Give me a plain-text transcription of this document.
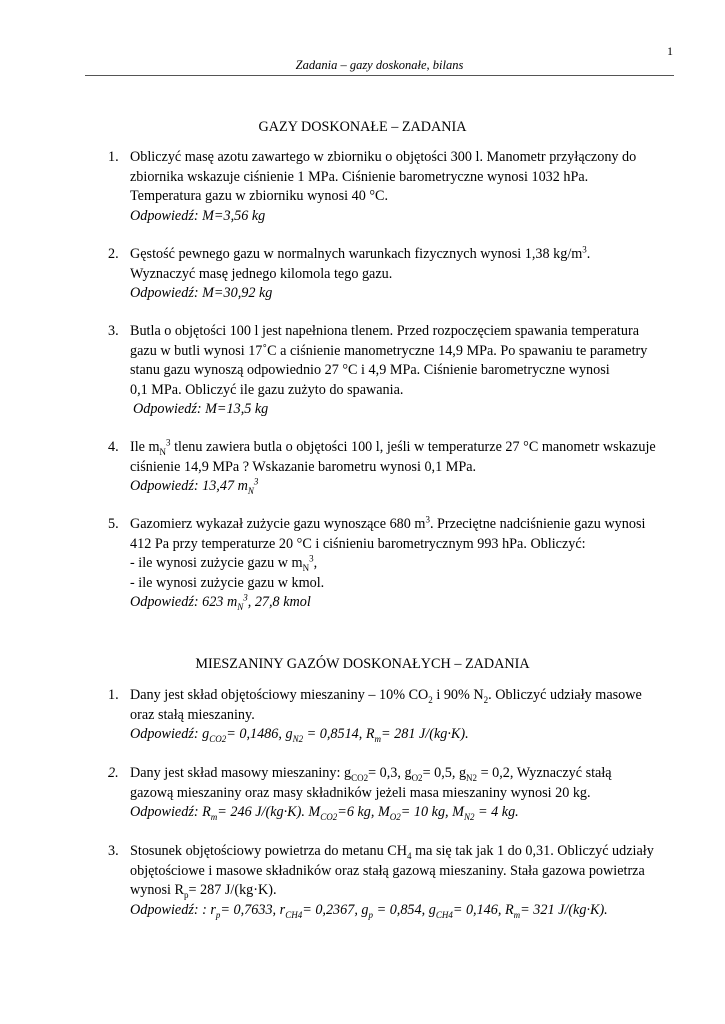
1
Zadania – gazy doskonałe, bilans
GAZY DOSKONAŁE – ZADANIA
1. Obliczyć masę azotu zawartego w zbiorniku o objętości 300 l. Manometr przyłączony do
zbiornika wskazuje ciśnienie 1 MPa. Ciśnienie barometryczne wynosi 1032 hPa.
Temperatura gazu w zbiorniku wynosi 40 °C.
Odpowiedź: M=3,56 kg
2. Gęstość pewnego gazu w normalnych warunkach fizycznych wynosi 1,38 $kg/m^3$.
Wyznaczyć masę jednego kilomola tego gazu.
Odpowiedź: M=30,92 kg
3. Butla o objętości 100 l jest napełniona tlenem. Przed rozpoczęciem spawania temperatura
gazu w butli wynosi 17˚C a ciśnienie manometryczne 14,9 MPa. Po spawaniu te parametry
stanu gazu wynoszą odpowiednio 27 °C i 4,9 MPa. Ciśnienie barometryczne wynosi
0,1 MPa. Obliczyć ile gazu zużyto do spawania.
Odpowiedź: M=13,5 kg
4. Ile $m_N^3$ tlenu zawiera butla o objętości 100 l, jeśli w temperaturze 27 °C manometr wskazuje
ciśnienie 14,9 MPa ? Wskazanie barometru wynosi 0,1 MPa.
Odpowiedź: 13,47 $m_N^3$
5. Gazomierz wykazał zużycie gazu wynoszące 680 $m^3$. Przeciętne nadciśnienie gazu wynosi
412 Pa przy temperaturze 20 °C i ciśnieniu barometrycznym 993 hPa. Obliczyć:
- ile wynosi zużycie gazu w $m_N^3$,
- ile wynosi zużycie gazu w kmol.
Odpowiedź: 623 $m_N^3$, 27,8 kmol
MIESZANINY GAZÓW DOSKONAŁYCH – ZADANIA
1. Dany jest skład objętościowy mieszaniny – 10% $CO_2$ i 90% $N_2$. Obliczyć udziały masowe
oraz stałą mieszaniny.
Odpowiedź: $g_{CO2}= 0,1486$, $g_{N2} = 0,8514$, $R_m= 281$ J/(kg·K).
2. Dany jest skład masowy mieszaniny: $g_{CO2}= 0,3$, $g_{O2}= 0,5$, $g_{N2} = 0,2$, Wyznaczyć stałą
gazową mieszaniny oraz masy składników jeżeli masa mieszaniny wynosi 20 kg.
Odpowiedź: $R_m= 246$ J/(kg·K). $M_{CO2}=6$ kg, $M_{O2}= 10$ kg, $M_{N2} = 4$ kg.
3. Stosunek objętościowy powietrza do metanu $CH_4$ ma się tak jak 1 do 0,31. Obliczyć udziały
objętościowe i masowe składników oraz stałą gazową mieszaniny. Stała gazowa powietrza
wynosi $R_p= 287$ J/(kg·K).
Odpowiedź: : $r_p= 0,7633$, $r_{CH4}= 0,2367$, $g_p = 0,854$, $g_{CH4}= 0,146$, $R_m= 321$ J/(kg·K).
